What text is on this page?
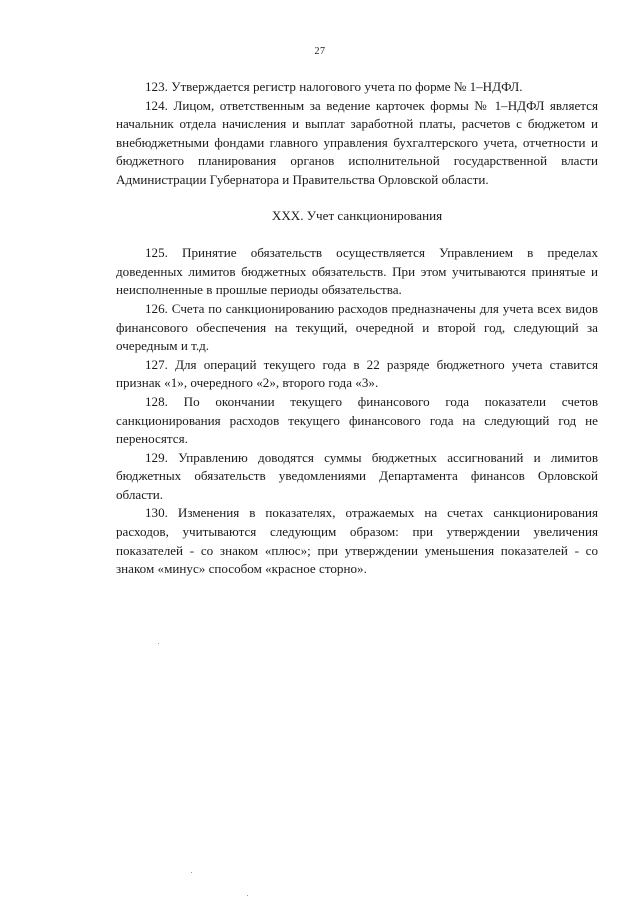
27

123. Утверждается регистр налогового учета по форме № 1–НДФЛ.

124. Лицом, ответственным за ведение карточек формы № 1–НДФЛ является начальник отдела начисления и выплат заработной платы, расчетов с бюджетом и внебюджетными фондами главного управления бухгалтерского учета, отчетности и бюджетного планирования органов исполнительной государственной власти Администрации Губернатора и Правительства Орловской области.

XXX. Учет санкционирования

125. Принятие обязательств осуществляется Управлением в пределах доведенных лимитов бюджетных обязательств. При этом учитываются принятые и неисполненные в прошлые периоды обязательства.

126. Счета по санкционированию расходов предназначены для учета всех видов финансового обеспечения на текущий, очередной и второй год, следующий за очередным и т.д.

127. Для операций текущего года в 22 разряде бюджетного учета ставится признак «1», очередного «2», второго года «3».

128. По окончании текущего финансового года показатели счетов санкционирования расходов текущего финансового года на следующий год не переносятся.

129. Управлению доводятся суммы бюджетных ассигнований и лимитов бюджетных обязательств уведомлениями Департамента финансов Орловской области.

130. Изменения в показателях, отражаемых на счетах санкционирования расходов, учитываются следующим образом: при утверждении увеличения показателей - со знаком «плюс»; при утверждении уменьшения показателей - со знаком «минус» способом «красное сторно».
